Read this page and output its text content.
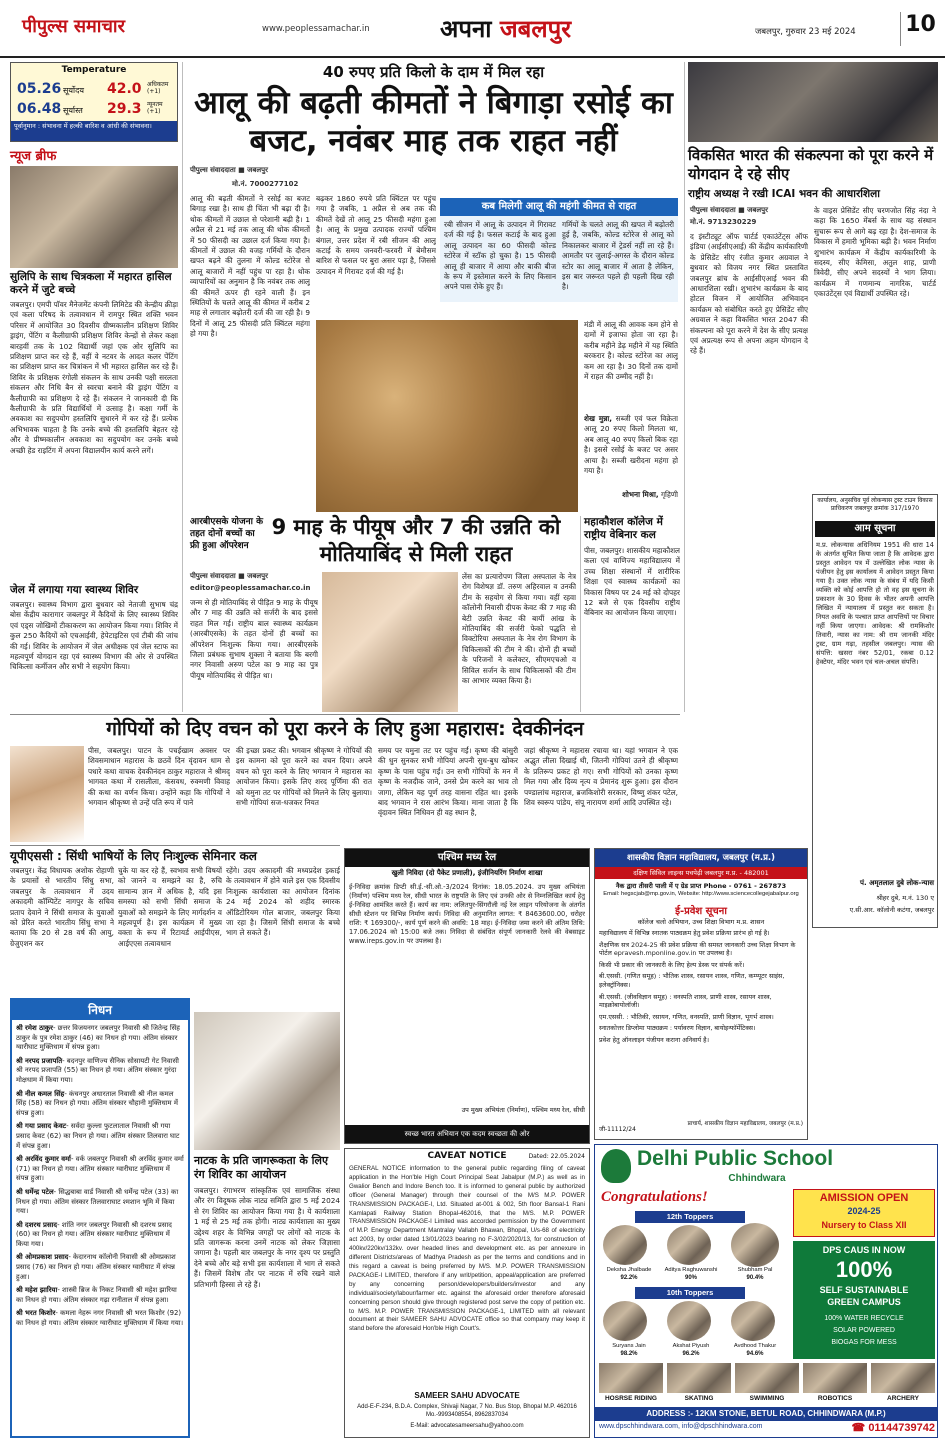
पीपुल्स समाचार	www.peoplessamachar.in	अपना जबलपुर	जबलपुर, गुरुवार 23 मई 2024	10
Temperature
05.26 सूर्योदय 42.0 अधिकतम (+1)
06.48 सूर्यास्त 29.3 न्यूनतम (+1)
पूर्वानुमान : संभावना में हल्की बारिश व आंधी की संभावना।
न्यूज ब्रीफ
सुलिपि के साथ चित्रकला में महारत हासिल करने में जुटे बच्चे
जबलपुर। एमपी पॉवर मैनेजमेंट कंपनी लिमिटेड की केन्द्रीय क्रीड़ा एवं कला परिषद के तत्वावधान में रामपुर स्थित शक्ति भवन परिसर में आयोजित 30 दिवसीय ग्रीष्मकालीन प्रशिक्षण शिविर ड्राइंग, पेंटिंग व कैलीग्राफी प्रशिक्षण शिविर केन्द्रों से लेकर कक्षा बारहवीं तक के 102 विद्यार्थी जहां एक ओर सुलिपि का प्रशिक्षण प्राप्त कर रहे हैं, वहीं वे नटवर के आदत कलर पेंटिंग का प्रशिक्षण प्राप्त कर चित्रांकन में भी महारत हासिल कर रहे हैं। शिविर के प्रशिक्षक रंगोली संकलन के साथ उनकी पक्षी सरलता संकलन और निधि बैन से स्वरचा बनाने की ड्राइंग पेंटिंग व कैलीग्राफी का प्रशिक्षण दे रहे हैं। संकलन ने जानकारी दी कि कैलीग्राफी के प्रति विद्यार्थियों में उत्साह है। कक्षा गर्मी के अवकाश का सदुपयोग हस्तलिपि सुधारने में कर रहे हैं। प्रत्येक अभिभावक चाहता है कि उनके बच्चे की हस्तलिपि बेहतर रहे और वे प्रीष्मकालीन अवकाश का सदुपयोग कर उनके बच्चे अच्छी हेड राइटिंग में अपना विद्यालयीन कार्य करने लगें।
जेल में लगाया गया स्वास्थ्य शिविर
जबलपुर। स्वास्थ्य विभाग द्वारा बुधवार को नेताजी सुभाष चंद्र बोस केंद्रीय कारागार जबलपुर में कैदियों के लिए स्वास्थ्य शिविर एवं एड्स जोखिमों टीकाकरण का आयोजन किया गया। शिविर में कुल 250 कैदियों को एचआईवी, हेपेटाइटिस एवं टीबी की जांच की गई। शिविर के आयोजन में जेल अधीक्षक एवं जेल स्टाफ का महत्वपूर्ण योगदान रहा एवं स्वास्थ्य विभाग की ओर से उपस्थित चिकित्सा कर्मीजन और सभी ने सहयोग किया।
40 रुपए प्रति किलो के दाम में मिल रहा
आलू की बढ़ती कीमतों ने बिगाड़ा रसोई का बजट, नवंबर माह तक राहत नहीं
पीपुल्स संवाददाता ■ जबलपुर
मो.नं. 7000277102
आलू की बढ़ती कीमतों ने रसोई का बजट बिगाड़ रखा है। साथ ही चिंता भी बढ़ा दी है। थोक कीमतों में उछाल से परेशानी बढ़ी है। 1 अप्रैल से 21 मई तक आलू की थोक कीमतों में 50 फीसदी का उछाल दर्ज किया गया है। कीमतों में उछाल की वजह गर्मियों के दौरान खपत बढ़ने की तुलना में कोल्ड स्टोरेज से आलू बाजारों में नहीं पहुंच पा रहा है। थोक व्यापारियों का अनुमान है कि नवंबर तक आलू की कीमतें ऊपर ही रहने वाली हैं। इन स्थितियों के चलते आलू की कीमत में करीब 2 माह से लगातार बढ़ोतरी दर्ज की जा रही है। 9 दिनों में आलू 25 फीसदी प्रति क्विंटल महंगा हो गया है।
बढ़कर 1860 रुपये प्रति क्विंटल पर पहुंच गया है जबकि, 1 अप्रैल से अब तक की कीमतें देखें तो आलू 25 फीसदी महंगा हुआ है। आलू के प्रमुख उत्पादक राज्यों पश्चिम बंगाल, उत्तर प्रदेश में रबी सीजन की आलू कटाई के समय जनवरी-फरवरी में बेमौसम बारिश से फसल पर बुरा असर पड़ा है, जिससे उत्पादन में गिरावट दर्ज की गई है।
कब मिलेगी आलू की महंगी कीमत से राहत
रबी सीजन में आलू के उत्पादन में गिरावट दर्ज की गई है। फसल कटाई के बाद हुआ आलू उत्पादन का 60 फीसदी कोल्ड स्टोरेज में स्टॉक हो चुका है। 15 फीसदी आलू ही बाजार में आया और बाकी बीज के रूप में इस्तेमाल करने के लिए किसान अपने पास रोके हुए हैं।
गर्मियों के चलते आलू की खपत में बढ़ोतरी हुई है, जबकि, कोल्ड स्टोरेज से आलू को निकालकर बाजार में ट्रेडर्स नहीं ला रहे हैं। आमतौर पर जुलाई-अगस्त के दौरान कोल्ड स्टोर का आलू बाजार में आता है लेकिन, इस बार जरूरत पहले ही पहली दिख रही है।
मंडी में आलू की आवक कम होने से दामों में इजाफा होता जा रहा है। करीब महीने डेढ़ महीने में यह स्थिति बरकरार है। कोल्ड स्टोरेज का आलू कम आ रहा है। 30 दिनों तक दामों में राहत की उम्मीद नहीं है।
शेख मुन्ना, सब्जी एवं फल विक्रेता आलू 20 रुपए किलो मिलता था, अब आलू 40 रुपए किलो बिक रहा है। इससे रसोई के बजट पर असर आया है। सब्जी खरीदना महंगा हो गया है।
शोभना मिश्रा, गृहिणी
आरबीएसके योजना के तहत दोनों बच्चों का फ्री हुआ ऑपरेशन
9 माह के पीयूष और 7 की उन्नति को मोतियाबिंद से मिली राहत
पीपुल्स संवाददाता ■ जबलपुर
editor@peoplessamachar.co.in
जन्म से ही मोतियाबिंद से पीड़ित 9 माह के पीयूष और 7 माह की उन्नति को सर्जरी के बाद इससे राहत मिल गई। राष्ट्रीय बाल स्वास्थ्य कार्यक्रम (आरबीएसके) के तहत दोनों ही बच्चों का ऑपरेशन निःशुल्क किया गया। आरबीएसके जिला प्रबंधक सुभाष शुक्ला ने बताया कि बरगी नगर निवासी अरुण पटेल का 9 माह का पुत्र पीयूष मोतियाबिंद से पीड़ित था।
लेंस का प्रत्यारोपण जिला अस्पताल के नेत्र रोग विशेषज्ञ डॉ. तरुण अहिरवाल व उनकी टीम के सहयोग से किया गया। वहीं रहवा कॉलोनी निवासी दीपक केवट की 7 माह की बेटी उन्नति केवट की बायीं आंख के मोतियाबिंद की सर्जरी फेको पद्धति से विक्टोरिया अस्पताल के नेत्र रोग विभाग के चिकित्सकों की टीम ने की। दोनों ही बच्चों के परिजनों ने कलेक्टर, सीएमएचओ व सिविल सर्जन के साथ चिकित्सकों की टीम का आभार व्यक्त किया है।
महाकौशल कॉलेज में राष्ट्रीय वेबिनार कल
पीस, जबलपुर। शासकीय महाकौशल कला एवं वाणिज्य महाविद्यालय में उच्च शिक्षा संस्थानों में शारीरिक शिक्षा एवं स्वास्थ्य कार्यक्रमों का विकास विषय पर 24 मई को दोपहर 12 बजे से एक दिवसीय राष्ट्रीय वेबिनार का आयोजन किया जाएगा।
विकसित भारत की संकल्पना को पूरा करने में योगदान दे रहे सीए
राष्ट्रीय अध्यक्ष ने रखी ICAI भवन की आधारशिला
पीपुल्स संवाददाता ■ जबलपुर
मो.नं. 9713230229
द इंस्टीट्यूट ऑफ चार्टर्ड एकाउंटेंट्स ऑफ इंडिया (आईसीएआई) की केंद्रीय कार्यकारिणी के प्रेसिडेंट सीए रंजीत कुमार अग्रवाल ने बुधवार को विजय नगर स्थित प्रस्तावित जबलपुर ब्रांच के आईसीएआई भवन की आधारशिला रखी। शुभारंभ कार्यक्रम के बाद होटल विजन में आयोजित अभिवादन कार्यक्रम को संबोधित करते हुए प्रेसिडेंट सीए अग्रवाल ने कहा विकसित भारत 2047 की संकल्पना को पूरा करने में देश के सीए प्रत्यक्ष एवं अप्रत्यक्ष रूप से अपना अहम योगदान दे रहे हैं।
के वाइस प्रेसिडेंट सीए चरणजोत सिंह नंदा ने कहा कि 1650 मेंबर्स के साथ यह संस्थान सुचारू रूप से आगे बढ़ रहा है। देश-समाज के विकास में हमारी भूमिका बढ़ी है। भवन निर्माण शुभारंभ कार्यक्रम में केंद्रीय कार्यकारिणी के सदस्य, सीए केमिसा, अतुल शाह, प्राणी त्रिवेदी, सीए अपने सदस्यों ने भाग लिया। कार्यक्रम में गणमान्य नागरिक, चार्टर्ड एकाउंटेंट्स एवं विद्यार्थी उपस्थित रहे।
कार्यालय, अनुसचिव पूर्व लोकन्यास ट्रस्ट टाउन विकास प्राधिकरण जबलपुर क्रमांक 317/1970
आम सूचना
म.प्र. लोकन्यास अधिनियम 1951 की धारा 14 के अंतर्गत सूचित किया जाता है कि आवेदक द्वारा प्रस्तुत आवेदन पत्र में उल्लेखित लोक न्यास के पंजीयन हेतु इस कार्यालय में आवेदन प्रस्तुत किया गया है। उक्त लोक न्यास के संबंध में यदि किसी व्यक्ति को कोई आपत्ति हो तो वह इस सूचना के प्रकाशन के 30 दिवस के भीतर अपनी आपत्ति लिखित में न्यायालय में प्रस्तुत कर सकता है। नियत अवधि के पश्चात प्राप्त आपत्तियों पर विचार नहीं किया जाएगा। आवेदक: श्री रामकिशोर तिवारी, न्यास का नाम: श्री राम जानकी मंदिर ट्रस्ट, ग्राम गढ़ा, तहसील जबलपुर। न्यास की संपत्ति: खसरा नंबर 52/01, रकबा 0.12 हेक्टेयर, मंदिर भवन एवं चल-अचल संपत्ति।
पं. अमृतलाल दुबे लोक-न्यास
श्रीहर दुबे, म.नं. 130 ए
ए.सी.आर. कॉलोनी कटंगा, जबलपुर
गोपियों को दिए वचन को पूरा करने के लिए हुआ महारास: देवकीनंदन
पीस, जबलपुर। पाटन के पचईखाम अवसर पर शिवसमाधान महारास के छठवें दिन वृंदावन धाम से पधारे कथा वाचक देवकीनंदन ठाकुर महाराज ने श्रीमद् भागवत कथा में रासलीला, कंसवध, रुक्मणी विवाह की कथा का वर्णन किया। उन्होंने कहा कि गोपियों ने भगवान श्रीकृष्ण से उन्हें पति रूप में पाने
की इच्छा प्रकट की। भगवान श्रीकृष्ण ने गोपियों की इस कामना को पूरा करने का वचन दिया। अपने वचन को पूरा करने के लिए भगवान ने महारास का आयोजन किया। इसके लिए शरद पूर्णिमा की रात को यमुना तट पर गोपियों को मिलने के लिए बुलाया। सभी गोपियां सज-धजकर नियत
समय पर यमुना तट पर पहुंच गईं। कृष्ण की बांसुरी की धुन सुनकर सभी गोपियां अपनी सुध-बुध खोकर कृष्ण के पास पहुंच गईं। उन सभी गोपियों के मन में कृष्ण के नजदीक जाने, उनसे प्रेम करने का भाव तो जागा, लेकिन यह पूर्ण तरह वासना रहित था। इसके बाद भगवान ने रास आरंभ किया। माना जाता है कि वृंदावन स्थित निधिवन ही वह स्थान है,
जहां श्रीकृष्ण ने महारास रचाया था। यहां भगवान ने एक अद्भुत लीला दिखाई थी, जितनी गोपियां उतने ही श्रीकृष्ण के प्रतिरूप प्रकट हो गए। सभी गोपियों को उनका कृष्ण मिल गया और दिव्य नृत्य व प्रेमानंद शुरू हुआ। इस दौरान पण्डालांच महाराज, ब्रजकिशोरी सरकार, विष्णु शंकर पटेल, शिव स्वरूप पांडेय, संपू नारायण शर्मा आदि उपस्थित रहे।
यूपीएससी : सिंधी भाषियों के लिए निःशुल्क सेमिनार कल
जबलपुर। केंद्र विधायक अशोक रोहाणी के प्रयासों से भारतीय सिंधु सभा, जबलपुर के तत्वावधान में उदय अकादमी कॉम्पिटेंट नागपुर के सचिव प्रताप देवाने ने सिंधी समाज के युवाओं को प्रेरित करते भारतीय सिंधु सभा ने बताया कि 20 से 28 वर्ष की आयु, ग्रेजुएशन कर
चुके या कर रहे हैं, स्वभाव सभी विषयों को जानने व समझने का है, रुचि सामान्य ज्ञान में अधिक है, यदि इस समस्या को सभी सिंधी समाज के युवाओं को समझने के लिए मार्गदर्शन व महत्वपूर्ण है। इस कार्यक्रम में मुख्य वक्ता के रूप में रिटायर्ड आईपीएस, आईएएस तत्वावधान
रहेंगे। उदय अकादमी की मध्यप्रदेश इकाई के तत्वावधान में होने वाले इस एक दिवसीय निःशुल्क कार्यशाला का आयोजन दिनांक 24 मई 2024 को शहीद स्मारक ऑडिटोरियम गोल बाजार, जबलपुर किया जा रहा है। जिसमें सिंधी समाज के बच्चे भाग ले सकते हैं।
निधन
श्री रमेश ठाकुर- छत्तर विजयनगर जबलपुर निवासी श्री जितेन्द्र सिंह ठाकुर के पुत्र रमेश ठाकुर (46) का निधन हो गया। अंतिम संस्कार ग्वारीघाट मुक्तिधाम में संपन्न हुआ।
श्री नरपद प्रजापति- बदनपुर वाणिज्य सैनिक सोसायटी गेट निवासी श्री नरपद प्रजापति (55) का निधन हो गया। अंतिम संस्कार गुरंदा मोक्षधाम में किया गया।
श्री नील कमल सिंह- कंचनपुर अधारताल निवासी श्री नील कमल सिंह (58) का निधन हो गया। अंतिम संस्कार चौहानी मुक्तिधाम में संपन्न हुआ।
श्री गया प्रसाद केवट- सर्वदा कुल्ला फुटलाताल निवासी श्री गया प्रसाद केवट (62) का निधन हो गया। अंतिम संस्कार तिलवारा घाट में संपन्न हुआ।
श्री अरविंद कुमार वर्मा- वर्क जबलपुर निवासी श्री अरविंद कुमार वर्मा (71) का निधन हो गया। अंतिम संस्कार ग्वारीघाट मुक्तिधाम में संपन्न हुआ।
श्री धर्मेन्द्र पटेल- सिद्धबाबा वार्ड निवासी श्री धर्मेन्द्र पटेल (33) का निधन हो गया। अंतिम संस्कार तिलवाराघाट श्मशान भूमि में किया गया।
श्री दशरथ प्रसाद- शांति नगर जबलपुर निवासी श्री दशरथ प्रसाद (60) का निधन हो गया। अंतिम संस्कार ग्वारीघाट मुक्तिधाम में किया गया।
श्री ओमप्रकाश प्रसाद- केदारनाथ कॉलोनी निवासी श्री ओमप्रकाश प्रसाद (76) का निधन हो गया। अंतिम संस्कार ग्वारीघाट में संपन्न हुआ।
श्री महेश झारिया- शास्त्री ब्रिज के निकट निवासी श्री महेश झारिया का निधन हो गया। अंतिम संस्कार गढ़ा रानीताल में संपन्न हुआ।
श्री भरत किशोर- कमला नेहरू नगर निवासी श्री भरत किशोर (92) का निधन हो गया। अंतिम संस्कार ग्वारीघाट मुक्तिधाम में किया गया।
नाटक के प्रति जागरूकता के लिए रंग शिविर का आयोजन
जबलपुर। रंगाभरण सांस्कृतिक एवं सामाजिक संस्था और रंग विदूषक लोक नाट्य समिति द्वारा 5 मई 2024 से रंग शिविर का आयोजन किया गया है। ये कार्यशाला 1 मई से 25 मई तक होगी। नाट्य कार्यशाला का मुख्य उद्देश्य शहर के विभिन्न जगहों पर लोगों को नाटक के प्रति जागरूक करना उनमें नाटक को लेकर जिज्ञासा जगाना है। पहली बार जबलपुर के नगर दृश्य पर प्रस्तुति देने बच्चे और बड़े सभी इस कार्यशाला में भाग ले सकते हैं। जिसमें विशेष तौर पर नाटक में रुचि रखने वाले प्रतिभागी हिस्सा ले रहे हैं।
पश्चिम मध्य रेल
खुली निविदा (दो पैकेट प्रणाली), इंजीनियरिंग निर्माण शाखा
ई-निविदा क्रमांक डिप्टी सी.ई.-सी.ओ.-3/2024 दिनांक: 18.05.2024. उप मुख्य अभियंता (निर्माण) पश्चिम मध्य रेल, सीधी भारत के राष्ट्रपति के लिए एवं उनकी ओर से निम्नलिखित कार्य हेतु ई-निविदा आमंत्रित करते हैं। कार्य का नाम: ललितपुर-सिंगरौली नई रेल लाइन परियोजना के अंतर्गत सीधी स्टेशन पर विभिन्न निर्माण कार्य। निविदा की अनुमानित लागत: ₹ 8463600.00, धरोहर राशि: ₹ 169300/-, कार्य पूर्ण करने की अवधि: 18 माह। ई-निविदा जमा करने की अंतिम तिथि: 17.06.2024 को 15:00 बजे तक। निविदा से संबंधित संपूर्ण जानकारी रेलवे की वेबसाइट www.ireps.gov.in पर उपलब्ध है।
उप मुख्य अभियंता (निर्माण), पश्चिम मध्य रेल, सीधी
स्वच्छ भारत अभियान एक कदम स्वच्छता की ओर
CAVEAT NOTICE	Dated: 22.05.2024
GENERAL NOTICE information to the general public regarding filing of caveat application in the Hon'ble High Court Principal Seat Jabalpur (M.P.) as well as in Gwalior Bench and Indore Bench too. It is informed to general public by authorized officer (General Manager) through their counsel of the M/S M.P. POWER TRANSMISSION PACKAGE-I, Ltd. Situated at-001 & 002, 5th floor Bansal-1 Rani Kamlapati Railway Station Bhopal-462016, that the M/S. M.P. POWER TRANSMISSION PACKAGE-I Limited was accorded permission by the Government of M.P. Energy Department Mantralay Vallabh Bhawan, Bhopal, U/s-68 of electricity act 2003, by order dated 13/01/2023 bearing no F-3/02/2020/13, for construction of 400kv/220kv/132kv. over headed lines and development etc. as per annexure in different Districts/areas of Madhya Pradesh as per the terms and conditions and in this regard a caveat is being preferred by M/S. M.P. POWER TRANSMISSION PACKAGE-I LIMITED, therefore if any writ/petition, appeal/application are preferred by any concerning person/developers/builders/investor and any individual/society/labour/farmer etc. against the aforesaid order therefore aforesaid concerning person should give through registered post serve the copy of petition etc. to M/S. M.P. POWER TRANSMISSION PACKAGE-1, LIMITED with all relevant document at their SAMEER SAHU ADVOCATE office so that company may keep it stand before the aforesaid Hon'ble High Court's.
SAMEER SAHU ADVOCATE
Add-E-F-234, B.D.A. Complex, Shivaji Nagar, 7 No. Bus Stop, Bhopal M.P. 462016 Mo.-9993408554, 8962837034
E-Mail: advocatesameersahu@yahoo.com
शासकीय विज्ञान महाविद्यालय, जबलपुर (म.प्र.)
दक्षिण सिविल लाइन्स पचपेढ़ी जबलपुर म.प्र. - 482001
नैक द्वारा तीसरी पाली में ए ग्रेड प्राप्त Phone - 0761 - 267873
Email: hegscjab@mp.gov.in, Website: http://www.sciencecollegejabalpur.org
ई-प्रवेश सूचना
कॉलेज चलो अभियान, उच्च शिक्षा विभाग म.प्र. शासन
महाविद्यालय में विभिन्न स्नातक पाठ्यक्रम हेतु प्रवेश प्रक्रिया प्रारंभ हो गई है।
शैक्षणिक सत्र 2024-25 की प्रवेश प्रक्रिया की समस्त जानकारी उच्च शिक्षा विभाग के पोर्टल epravesh.mponline.gov.in पर उपलब्ध है।
किसी भी प्रकार की जानकारी के लिए हेल्प डेस्क पर संपर्क करें।
बी.एससी. (गणित समूह) : भौतिक शास्त्र, रसायन शास्त्र, गणित, कम्प्यूटर साइंस, इलेक्ट्रॉनिक्स।
बी.एससी. (जीवविज्ञान समूह) : वनस्पति शास्त्र, प्राणी शास्त्र, रसायन शास्त्र, माइक्रोबायोलॉजी।
एम.एससी. : भौतिकी, रसायन, गणित, वनस्पति, प्राणी विज्ञान, भूगर्भ शास्त्र।
स्नातकोत्तर डिप्लोमा पाठ्यक्रम : पर्यावरण विज्ञान, बायोइन्फॉर्मेटिक्स।
प्रवेश हेतु ऑनलाइन पंजीयन कराना अनिवार्य है।
जी-11112/24
प्राचार्य, शासकीय विज्ञान महाविद्यालय, जबलपुर (म.प्र.)
Delhi Public School
Chhindwara
Congratulations!
12th Toppers
Deksha Jhalbade
92.2%
Aditya Raghuwanshi
90%
Shubham Pal
90.4%
10th Toppers
Suryans Jain
98.2%
Akshat Piyush
96.2%
Avdhood Thakur
94.6%
AMISSION OPEN
2024-25
Nursery to Class XII
DPS CAUS IN NOW
100%
SELF SUSTAINABLE
GREEN CAMPUS
100% WATER RECYCLE
SOLAR POWERED
BIOGAS FOR MESS
HOSRSE RIDING	SKATING	SWIMMING	ROBOTICS	ARCHERY
ADDRESS :- 12KM STONE, BETUL ROAD, CHHINDWARA (M.P.)
www.dpschhindwara.com, info@dpschhindwara.com	☎ 01144739742
